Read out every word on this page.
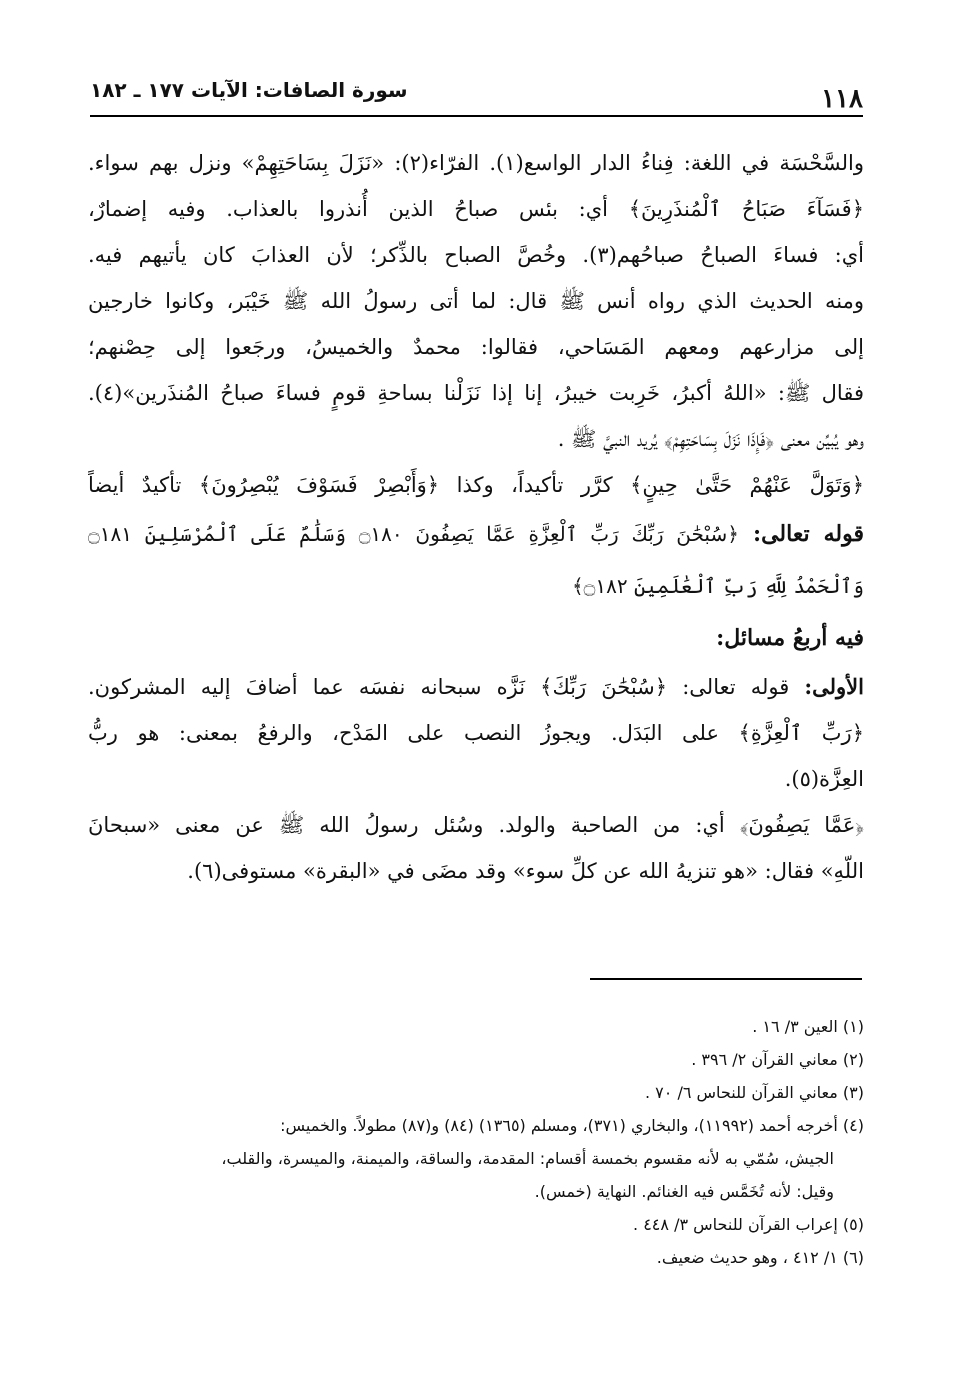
١١٨
سورة الصافات: الآيات ١٧٧ ـ ١٨٢
والسَّحْسَة في اللغة: فِناءُ الدار الواسع(١). الفرّاء(٢): «نَزَلَ بِسَاحَتِهِمْ» ونزل بهم سواء.
﴿فَسَآءَ صَبَاحُ ٱلْمُنذَرِينَ﴾ أي: بئس صباحُ الذين أُنذروا بالعذاب. وفيه إضمارٌ،
أي: فساءَ الصباحُ صباحُهم(٣). وخُصَّ الصباح بالذِّكر؛ لأن العذابَ كان يأتيهم فيه.
ومنه الحديث الذي رواه أنس ﷺ قال: لما أتى رسولُ الله ﷺ خَيْبَر، وكانوا خارجين
إلى مزارعهم ومعهم المَسَاحي، فقالوا: محمدٌ والخميسُ، ورجَعوا إلى حِصْنهم؛
فقال ﷺ: «اللهُ أكبرُ، خَرِبت خيبرُ، إنا إذا نَزَلْنا بساحةِ قومٍ فساءَ صباحُ المُنذَرين»(٤).
وهو يُبيِّن معنى ﴿فَإِذَا نَزَلَ بِسَاحَتِهِمْ﴾ يُريد النبيَّ ﷺ .
﴿وَتَوَلَّ عَنْهُمْ حَتَّىٰ حِينٍ﴾ كرَّر تأكيداً، وكذا ﴿وَأَبْصِرْ فَسَوْفَ يُبْصِرُونَ﴾ تأكيدٌ أيضاً
قوله تعالى: ﴿سُبْحَٰنَ رَبِّكَ رَبِّ ٱلْعِزَّةِ عَمَّا يَصِفُونَ ۝١٨٠ وَسَلَٰمٌ عَلَى ٱلْمُرْسَلِينَ ۝١٨١
وَٱلْحَمْدُ لِلَّهِ رَبِّ ٱلْعَٰلَمِينَ ۝١٨٢﴾
فيه أربعُ مسائل:
الأولى: قوله تعالى: ﴿سُبْحَٰنَ رَبِّكَ﴾ نَزَّه سبحانه نفسَه عما أضافَ إليه المشركون.
﴿رَبِّ ٱلْعِزَّةِ﴾ على البَدَل. ويجوزُ النصب على المَدْح، والرفعُ بمعنى: هو ربُّ
العِزَّة(٥).
﴿عَمَّا يَصِفُونَ﴾ أي: من الصاحبة والولد. وسُئل رسولُ الله ﷺ عن معنى «سبحانَ
اللّهِ» فقال: «هو تنزيهُ الله عن كلِّ سوء» وقد مضَى في «البقرة» مستوفى(٦).
(١) العين ٣/ ١٦ .
(٢) معاني القرآن ٢/ ٣٩٦ .
(٣) معاني القرآن للنحاس ٦/ ٧٠ .
(٤) أخرجه أحمد (١١٩٩٢)، والبخاري (٣٧١)، ومسلم (١٣٦٥) (٨٤) و(٨٧) مطولاً. والخميس:
الجيش، سُمّي به لأنه مقسوم بخمسة أقسام: المقدمة، والساقة، والميمنة، والميسرة، والقلب،
وقيل: لأنه تُخَمَّس فيه الغنائم. النهاية (خمس).
(٥) إعراب القرآن للنحاس ٣/ ٤٤٨ .
(٦) ١/ ٤١٢ ، وهو حديث ضعيف.
